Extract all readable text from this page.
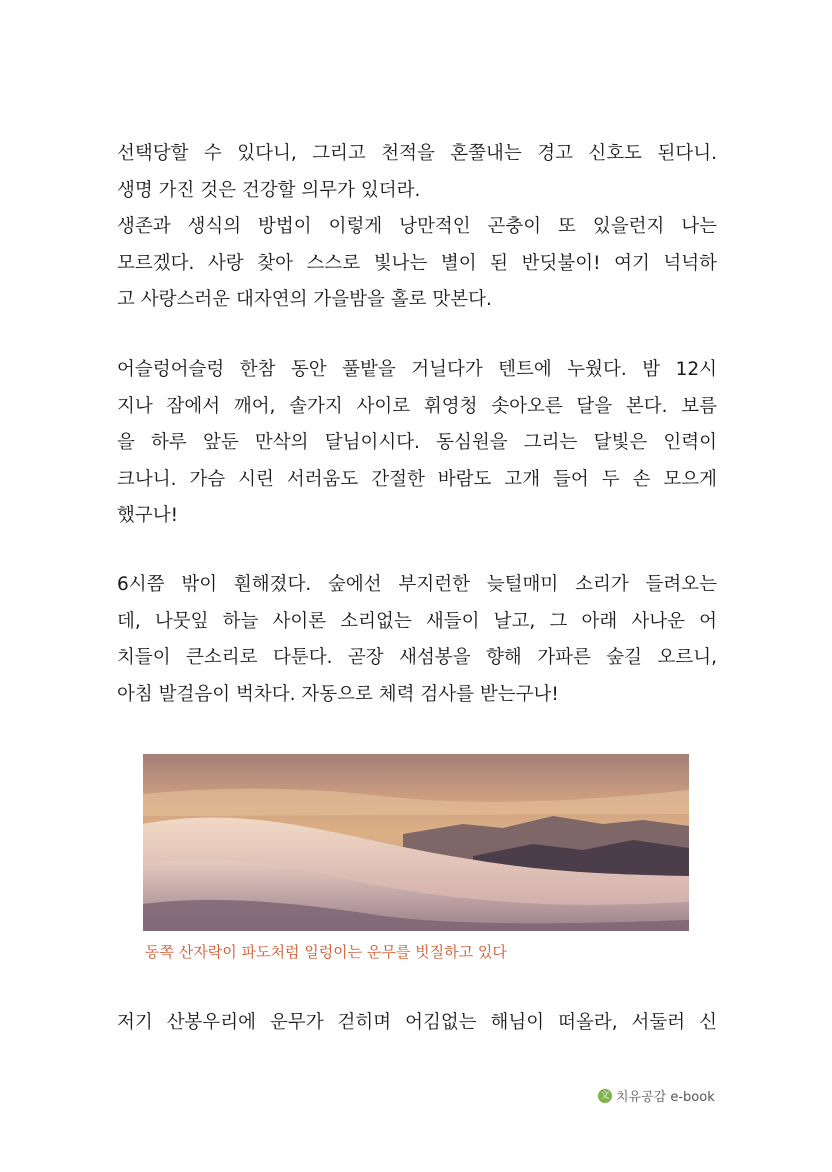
선택당할 수 있다니, 그리고 천적을 혼쭐내는 경고 신호도 된다니.
생명 가진 것은 건강할 의무가 있더라.
생존과 생식의 방법이 이렇게 낭만적인 곤충이 또 있을런지 나는
모르겠다. 사랑 찾아 스스로 빛나는 별이 된 반딧불이! 여기 넉넉하
고 사랑스러운 대자연의 가을밤을 홀로 맛본다.
어슬렁어슬렁 한참 동안 풀밭을 거닐다가 텐트에 누웠다. 밤 12시
지나 잠에서 깨어, 솔가지 사이로 휘영청 솟아오른 달을 본다. 보름
을 하루 앞둔 만삭의 달님이시다. 동심원을 그리는 달빛은 인력이
크나니. 가슴 시린 서러움도 간절한 바람도 고개 들어 두 손 모으게
했구나!
6시쯤 밖이 훤해졌다. 숲에선 부지런한 늦털매미 소리가 들려오는
데, 나뭇잎 하늘 사이론 소리없는 새들이 날고, 그 아래 사나운 어
치들이 큰소리로 다툰다. 곧장 새섬봉을 향해 가파른 숲길 오르니,
아침 발걸음이 벅차다. 자동으로 체력 검사를 받는구나!
동쪽 산자락이 파도처럼 일렁이는 운무를 빗질하고 있다
저기 산봉우리에 운무가 걷히며 어김없는 해님이 떠올라, 서둘러 신
文 치유공감 e-book
